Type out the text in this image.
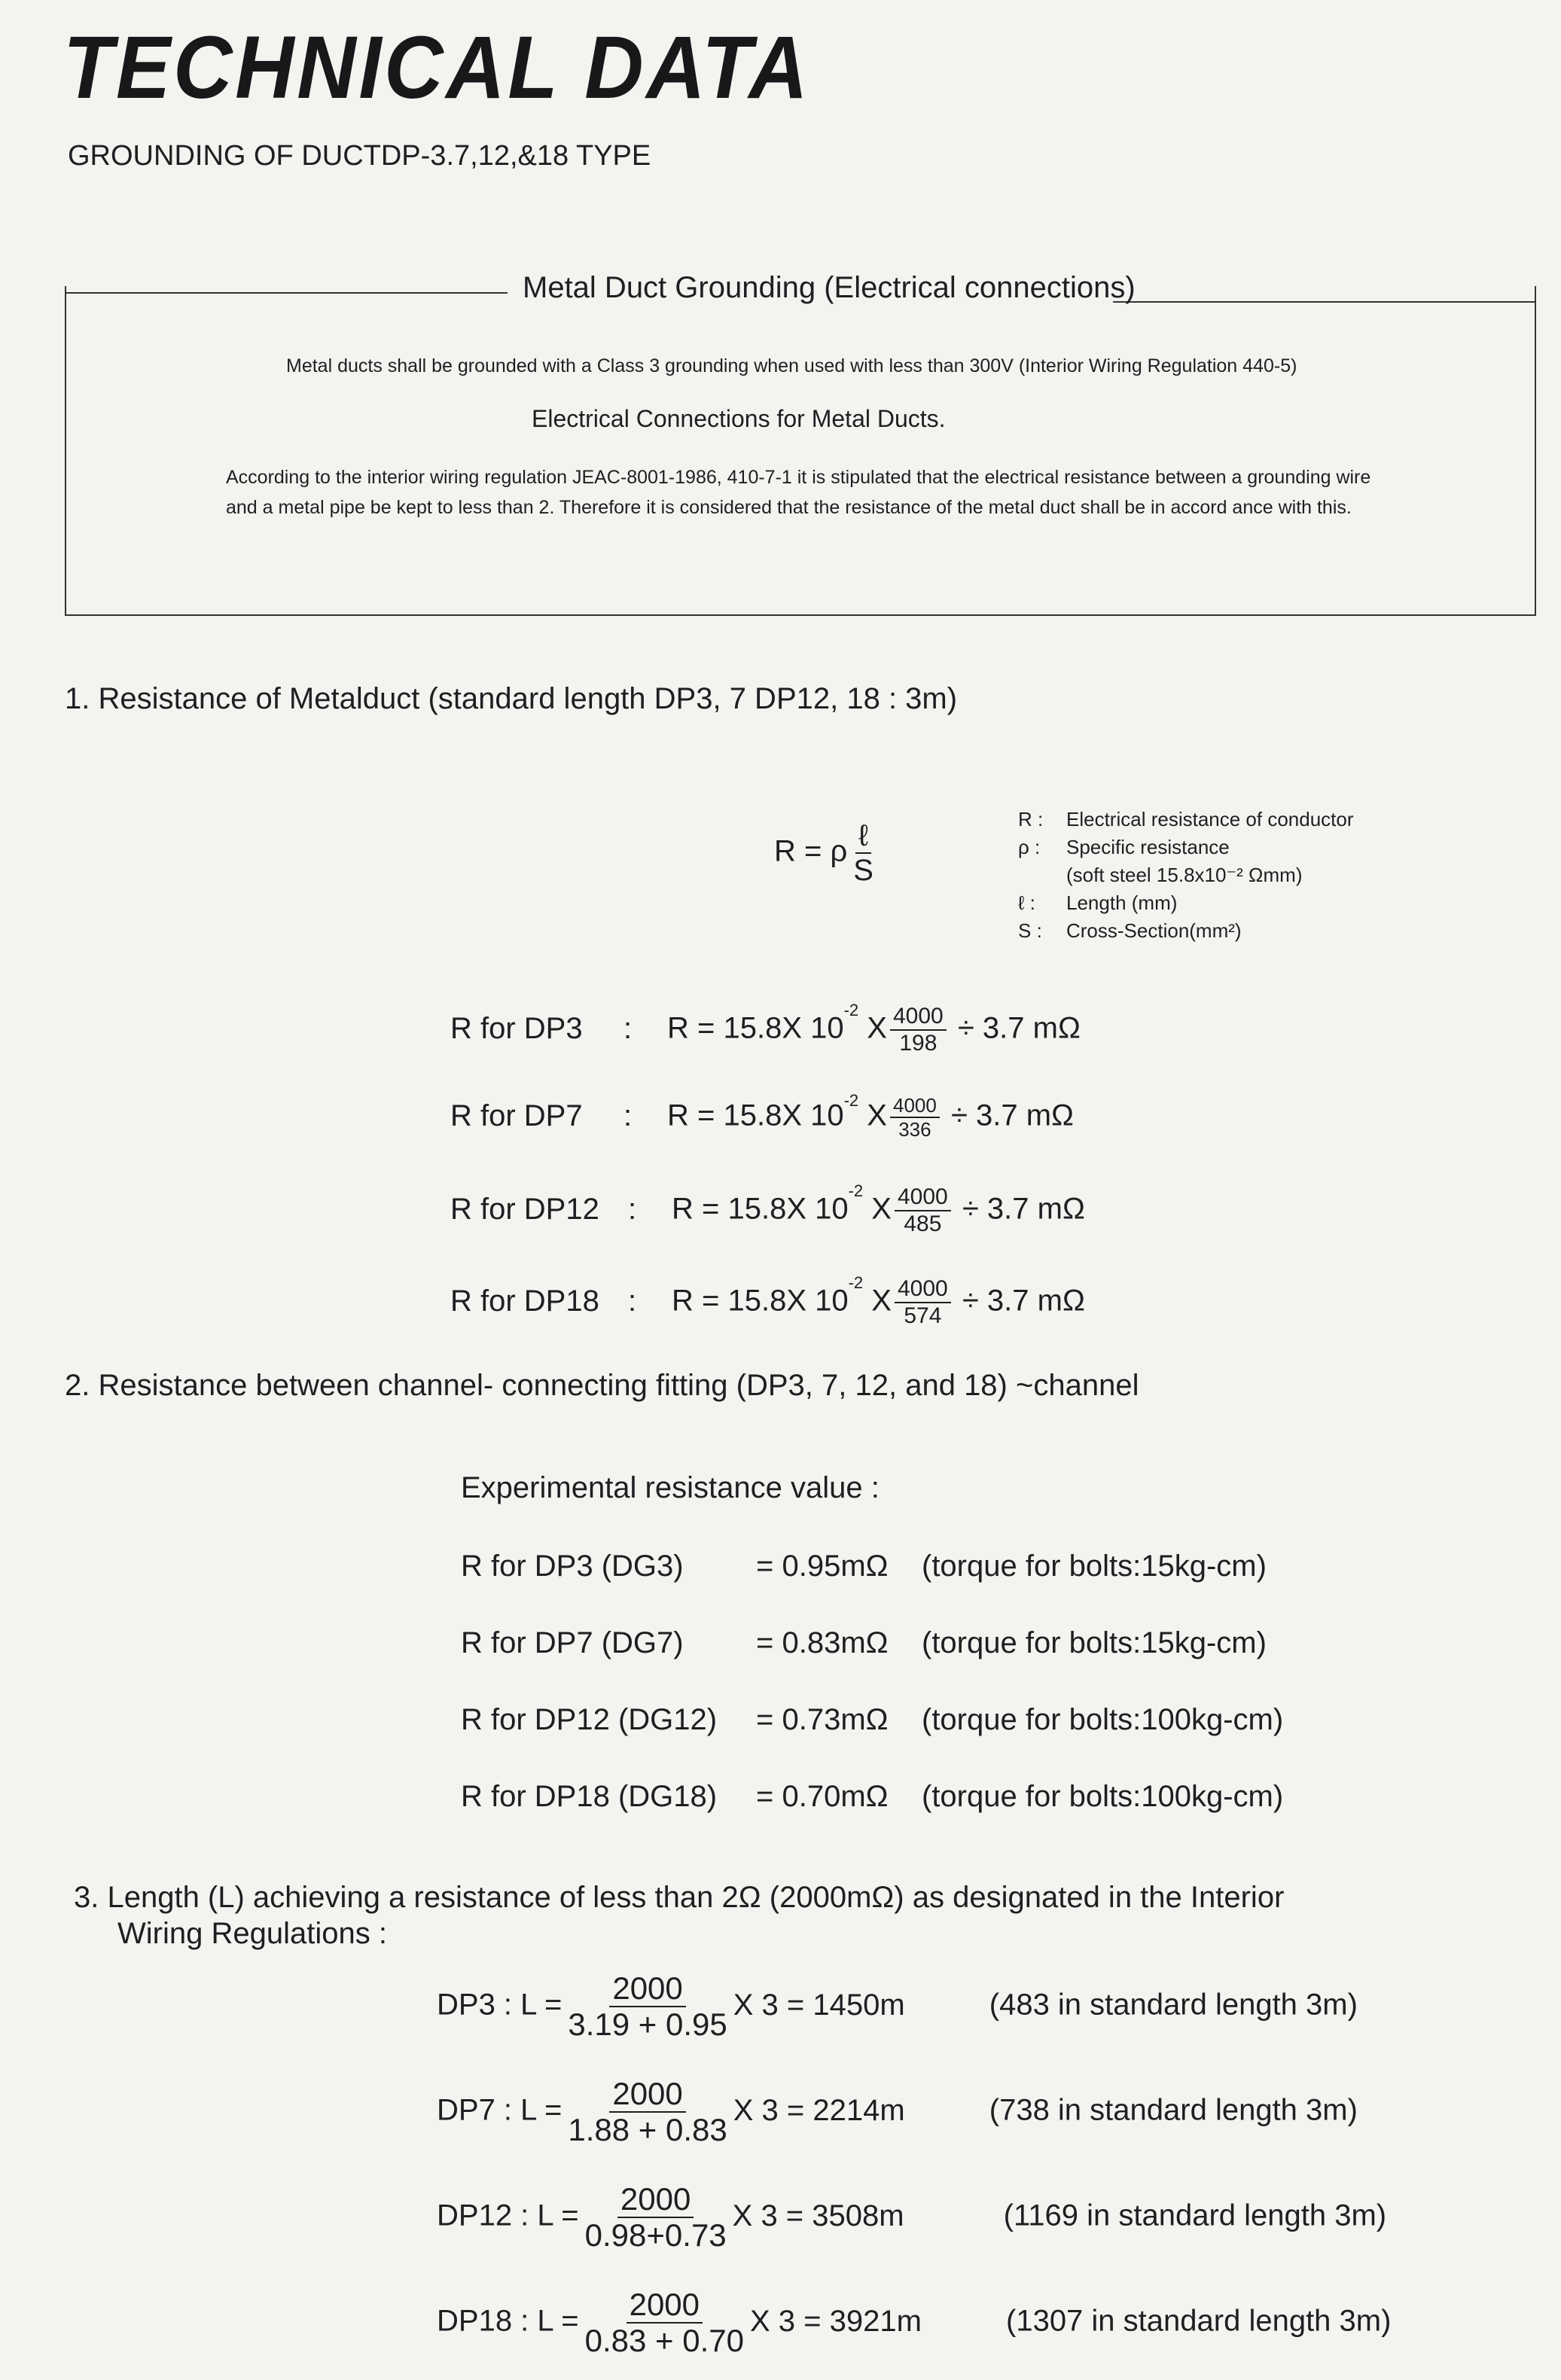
TECHNICAL DATA
GROUNDING OF DUCTDP-3.7,12,&18 TYPE
Metal Duct Grounding (Electrical connections)
Metal ducts shall be grounded with a Class 3 grounding when used with less than 300V (Interior Wiring Regulation 440-5)
Electrical Connections for Metal Ducts.
According to the interior wiring regulation JEAC-8001-1986, 410-7-1 it is stipulated that the electrical resistance between a grounding wire
and a metal pipe be kept to less than 2. Therefore it is considered that the resistance of the metal duct shall be in accord ance with this.
1. Resistance of Metalduct (standard length DP3, 7 DP12, 18 : 3m)
R = ρ $\frac{\text{ℓ}}{S}$
R : Electrical resistance of conductor
ρ : Specific resistance
(soft steel 15.8x10⁻² Ωmm)
ℓ : Length (mm)
S : Cross-Section(mm²)
R for DP3 : R = 15.8X $10^{-2}$ X $\frac{4000}{198} \div 3.7$ mΩ
R for DP7 : R = 15.8X $10^{-2}$ X $\frac{4000}{336} \div 3.7$ mΩ
R for DP12 : R = 15.8X $10^{-2}$ X $\frac{4000}{485} \div 3.7$ mΩ
R for DP18 : R = 15.8X $10^{-2}$ X $\frac{4000}{574} \div 3.7$ mΩ
2. Resistance between channel- connecting fitting (DP3, 7, 12, and 18) ~channel
Experimental resistance value :
R for DP3 (DG3) = 0.95mΩ (torque for bolts:15kg-cm)
R for DP7 (DG7) = 0.83mΩ (torque for bolts:15kg-cm)
R for DP12 (DG12) = 0.73mΩ (torque for bolts:100kg-cm)
R for DP18 (DG18) = 0.70mΩ (torque for bolts:100kg-cm)
3. Length (L) achieving a resistance of less than 2Ω (2000mΩ) as designated in the Interior
Wiring Regulations :
DP3 : $L = \frac{2000}{3.19 + 0.95}$ X 3 = 1450m	(483 in standard length 3m)
DP7 : $L = \frac{2000}{1.88 + 0.83}$ X 3 = 2214m	(738 in standard length 3m)
DP12 : $L = \frac{2000}{0.98+0.73}$ X 3 = 3508m	(1169 in standard length 3m)
DP18 : $L = \frac{2000}{0.83 + 0.70}$ X 3 = 3921m	(1307 in standard length 3m)
